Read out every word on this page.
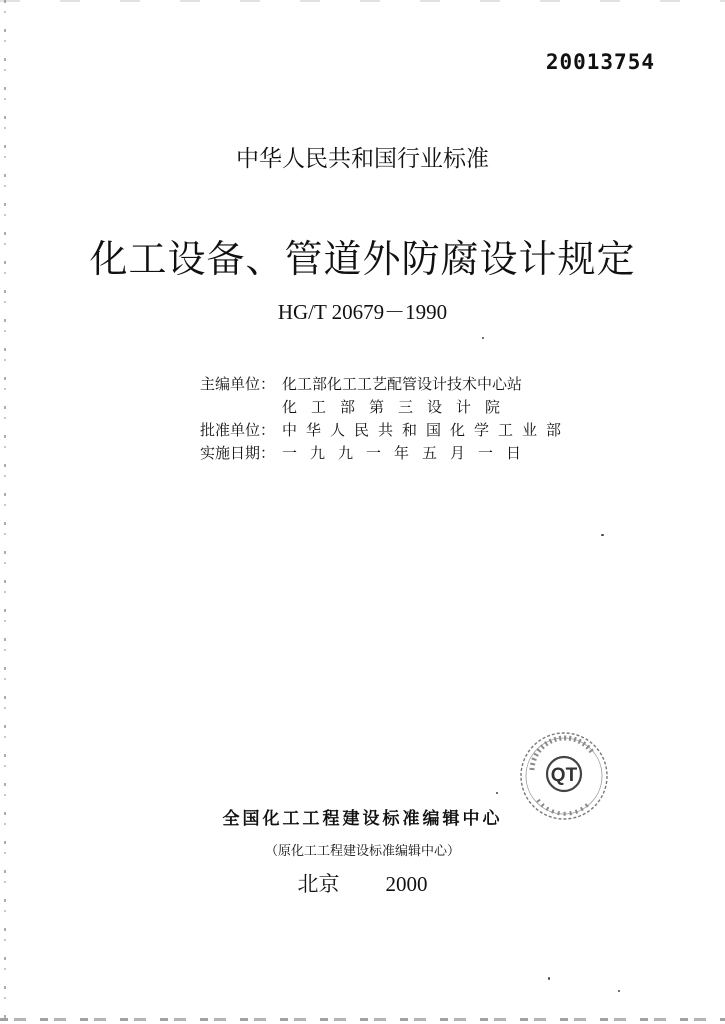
20013754
中华人民共和国行业标准
化工设备、管道外防腐设计规定
HG/T 20679－1990
主编单位： 化工部化工工艺配管设计技术中心站
化工部第三设计院
批准单位： 中华人民共和国化学工业部
实施日期： 一九九一年五月一日
QT
全国化工工程建设标准编辑中心
（原化工工程建设标准编辑中心）
北京 2000
